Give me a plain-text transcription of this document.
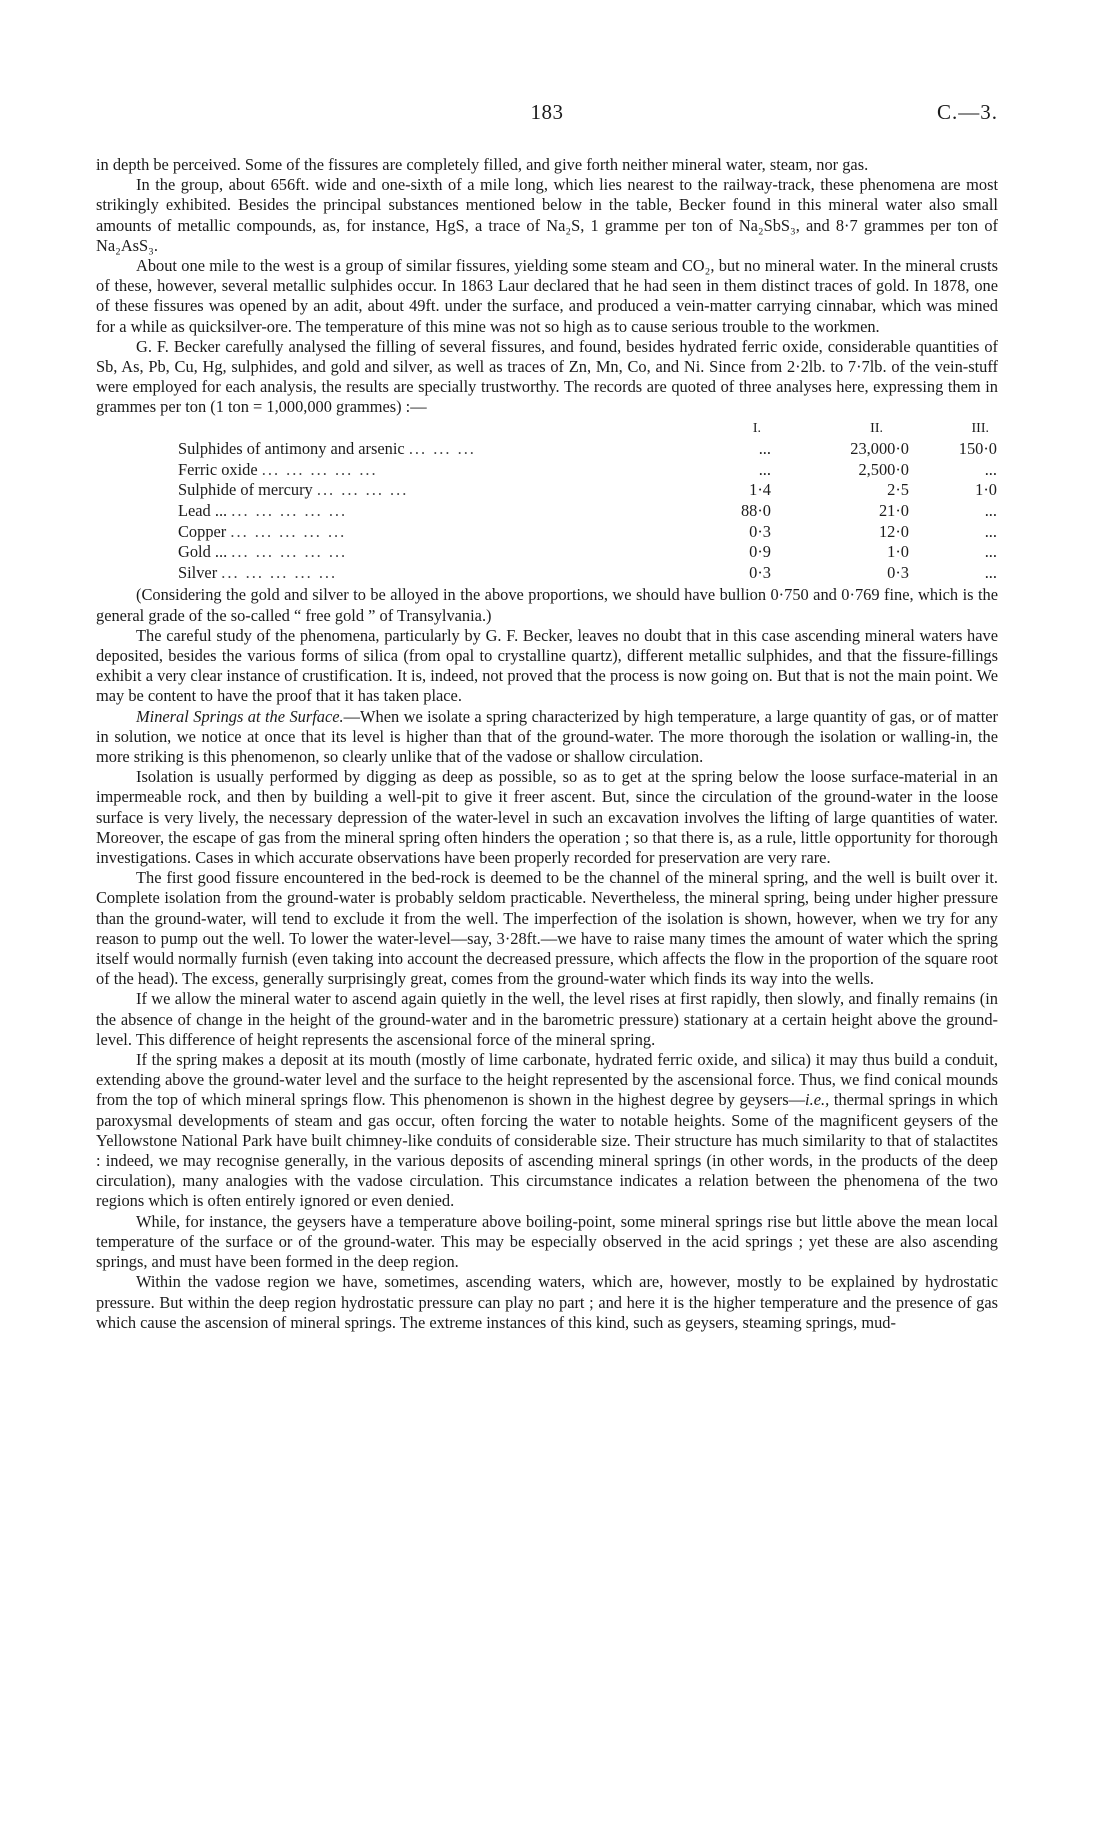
183	C.—3.

in depth be perceived. Some of the fissures are completely filled, and give forth neither mineral water, steam, nor gas.

In the group, about 656ft. wide and one-sixth of a mile long, which lies nearest to the railway-track, these phenomena are most strikingly exhibited. Besides the principal substances mentioned below in the table, Becker found in this mineral water also small amounts of metallic compounds, as, for instance, HgS, a trace of Na₂S, 1 gramme per ton of Na₂SbS₃, and 8·7 grammes per ton of Na₂AsS₃.

About one mile to the west is a group of similar fissures, yielding some steam and CO₂, but no mineral water. In the mineral crusts of these, however, several metallic sulphides occur. In 1863 Laur declared that he had seen in them distinct traces of gold. In 1878, one of these fissures was opened by an adit, about 49ft. under the surface, and produced a vein-matter carrying cinnabar, which was mined for a while as quicksilver-ore. The temperature of this mine was not so high as to cause serious trouble to the workmen.

G. F. Becker carefully analysed the filling of several fissures, and found, besides hydrated ferric oxide, considerable quantities of Sb, As, Pb, Cu, Hg, sulphides, and gold and silver, as well as traces of Zn, Mn, Co, and Ni. Since from 2·2lb. to 7·7lb. of the vein-stuff were employed for each analysis, the results are specially trustworthy. The records are quoted of three analyses here, expressing them in grammes per ton (1 ton = 1,000,000 grammes) :—

	I.	II.	III.
Sulphides of antimony and arsenic ... ... ...	...	23,000·0	150·0
Ferric oxide ... ... ... ... ...	...	2,500·0	...
Sulphide of mercury ... ... ... ...	1·4	2·5	1·0
Lead ... ... ... ... ... ...	88·0	21·0	...
Copper ... ... ... ... ...	0·3	12·0	...
Gold ... ... ... ... ... ...	0·9	1·0	...
Silver ... ... ... ... ...	0·3	0·3	...

(Considering the gold and silver to be alloyed in the above proportions, we should have bullion 0·750 and 0·769 fine, which is the general grade of the so-called “ free gold ” of Transylvania.)

The careful study of the phenomena, particularly by G. F. Becker, leaves no doubt that in this case ascending mineral waters have deposited, besides the various forms of silica (from opal to crystalline quartz), different metallic sulphides, and that the fissure-fillings exhibit a very clear instance of crustification. It is, indeed, not proved that the process is now going on. But that is not the main point. We may be content to have the proof that it has taken place.

Mineral Springs at the Surface.—When we isolate a spring characterized by high temperature, a large quantity of gas, or of matter in solution, we notice at once that its level is higher than that of the ground-water. The more thorough the isolation or walling-in, the more striking is this phenomenon, so clearly unlike that of the vadose or shallow circulation.

Isolation is usually performed by digging as deep as possible, so as to get at the spring below the loose surface-material in an impermeable rock, and then by building a well-pit to give it freer ascent. But, since the circulation of the ground-water in the loose surface is very lively, the necessary depression of the water-level in such an excavation involves the lifting of large quantities of water. Moreover, the escape of gas from the mineral spring often hinders the operation ; so that there is, as a rule, little opportunity for thorough investigations. Cases in which accurate observations have been properly recorded for preservation are very rare.

The first good fissure encountered in the bed-rock is deemed to be the channel of the mineral spring, and the well is built over it. Complete isolation from the ground-water is probably seldom practicable. Nevertheless, the mineral spring, being under higher pressure than the ground-water, will tend to exclude it from the well. The imperfection of the isolation is shown, however, when we try for any reason to pump out the well. To lower the water-level—say, 3·28ft.—we have to raise many times the amount of water which the spring itself would normally furnish (even taking into account the decreased pressure, which affects the flow in the proportion of the square root of the head). The excess, generally surprisingly great, comes from the ground-water which finds its way into the wells.

If we allow the mineral water to ascend again quietly in the well, the level rises at first rapidly, then slowly, and finally remains (in the absence of change in the height of the ground-water and in the barometric pressure) stationary at a certain height above the ground-level. This difference of height represents the ascensional force of the mineral spring.

If the spring makes a deposit at its mouth (mostly of lime carbonate, hydrated ferric oxide, and silica) it may thus build a conduit, extending above the ground-water level and the surface to the height represented by the ascensional force. Thus, we find conical mounds from the top of which mineral springs flow. This phenomenon is shown in the highest degree by geysers—i.e., thermal springs in which paroxysmal developments of steam and gas occur, often forcing the water to notable heights. Some of the magnificent geysers of the Yellowstone National Park have built chimney-like conduits of considerable size. Their structure has much similarity to that of stalactites : indeed, we may recognise generally, in the various deposits of ascending mineral springs (in other words, in the products of the deep circulation), many analogies with the vadose circulation. This circumstance indicates a relation between the phenomena of the two regions which is often entirely ignored or even denied.

While, for instance, the geysers have a temperature above boiling-point, some mineral springs rise but little above the mean local temperature of the surface or of the ground-water. This may be especially observed in the acid springs ; yet these are also ascending springs, and must have been formed in the deep region.

Within the vadose region we have, sometimes, ascending waters, which are, however, mostly to be explained by hydrostatic pressure. But within the deep region hydrostatic pressure can play no part ; and here it is the higher temperature and the presence of gas which cause the ascension of mineral springs. The extreme instances of this kind, such as geysers, steaming springs, mud-
